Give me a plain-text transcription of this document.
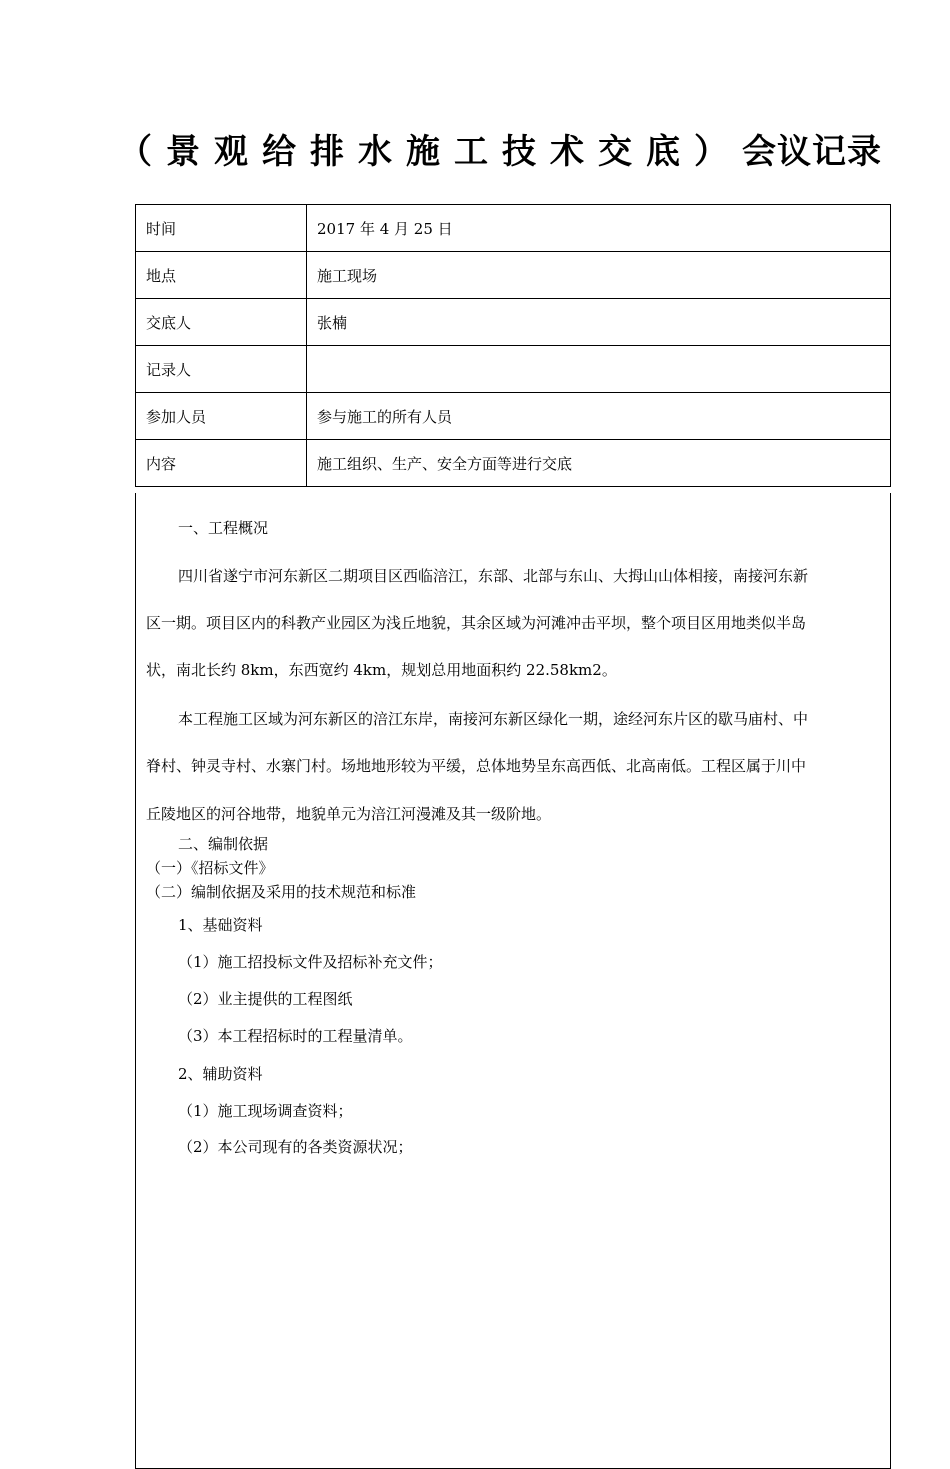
（景观给排水施工技术交底）会议记录
时间	2017 年 4 月 25 日
地点	施工现场
交底人	张楠
记录人	
参加人员	参与施工的所有人员
内容	施工组织、生产、安全方面等进行交底
一、工程概况
四川省遂宁市河东新区二期项目区西临涪江，东部、北部与东山、大拇山山体相接，南接河东新
区一期。项目区内的科教产业园区为浅丘地貌，其余区域为河滩冲击平坝，整个项目区用地类似半岛
状，南北长约 8km，东西宽约 4km，规划总用地面积约 22.58km2。
本工程施工区域为河东新区的涪江东岸，南接河东新区绿化一期，途经河东片区的歇马庙村、中
脊村、钟灵寺村、水寨门村。场地地形较为平缓，总体地势呈东高西低、北高南低。工程区属于川中
丘陵地区的河谷地带，地貌单元为涪江河漫滩及其一级阶地。
二、编制依据
（一）《招标文件》
（二）编制依据及采用的技术规范和标准
1、基础资料
（1）施工招投标文件及招标补充文件；
（2）业主提供的工程图纸
（3）本工程招标时的工程量清单。
2、辅助资料
（1）施工现场调查资料；
（2）本公司现有的各类资源状况；
